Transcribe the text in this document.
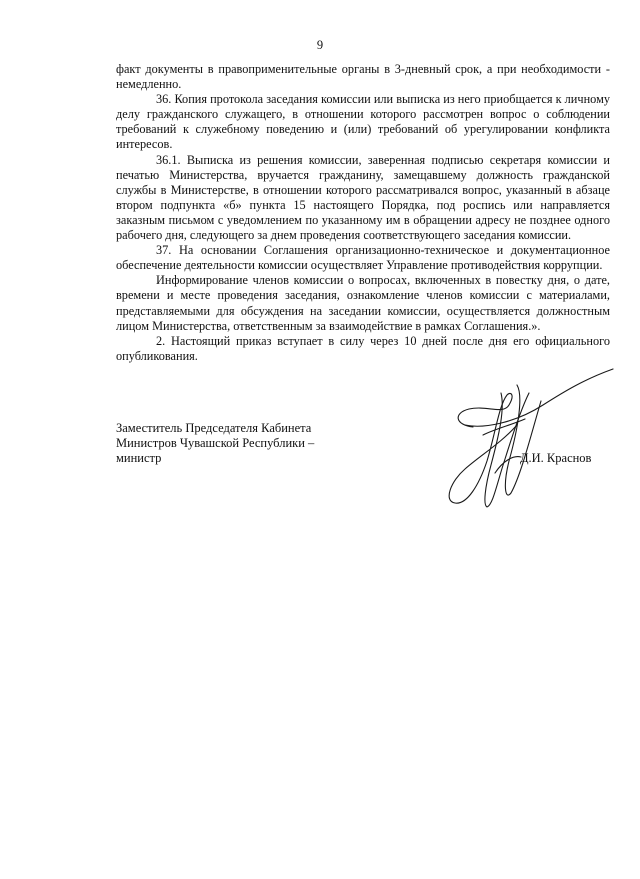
9

факт документы в правоприменительные органы в 3-дневный срок, а при необходимости - немедленно.

36. Копия протокола заседания комиссии или выписка из него приобщается к личному делу гражданского служащего, в отношении которого рассмотрен вопрос о соблюдении требований к служебному поведению и (или) требований об урегулировании конфликта интересов.

36.1. Выписка из решения комиссии, заверенная подписью секретаря комиссии и печатью Министерства, вручается гражданину, замещавшему должность гражданской службы в Министерстве, в отношении которого рассматривался вопрос, указанный в абзаце втором подпункта «б» пункта 15 настоящего Порядка, под роспись или направляется заказным письмом с уведомлением по указанному им в обращении адресу не позднее одного рабочего дня, следующего за днем проведения соответствующего заседания комиссии.

37. На основании Соглашения организационно-техническое и документационное обеспечение деятельности комиссии осуществляет Управление противодействия коррупции.

Информирование членов комиссии о вопросах, включенных в повестку дня, о дате, времени и месте проведения заседания, ознакомление членов комиссии с материалами, представляемыми для обсуждения на заседании комиссии, осуществляется должностным лицом Министерства, ответственным за взаимодействие в рамках Соглашения.».

2. Настоящий приказ вступает в силу через 10 дней после дня его официального опубликования.

Заместитель Председателя Кабинета
Министров Чувашской Республики –
министр	Д.И. Краснов
